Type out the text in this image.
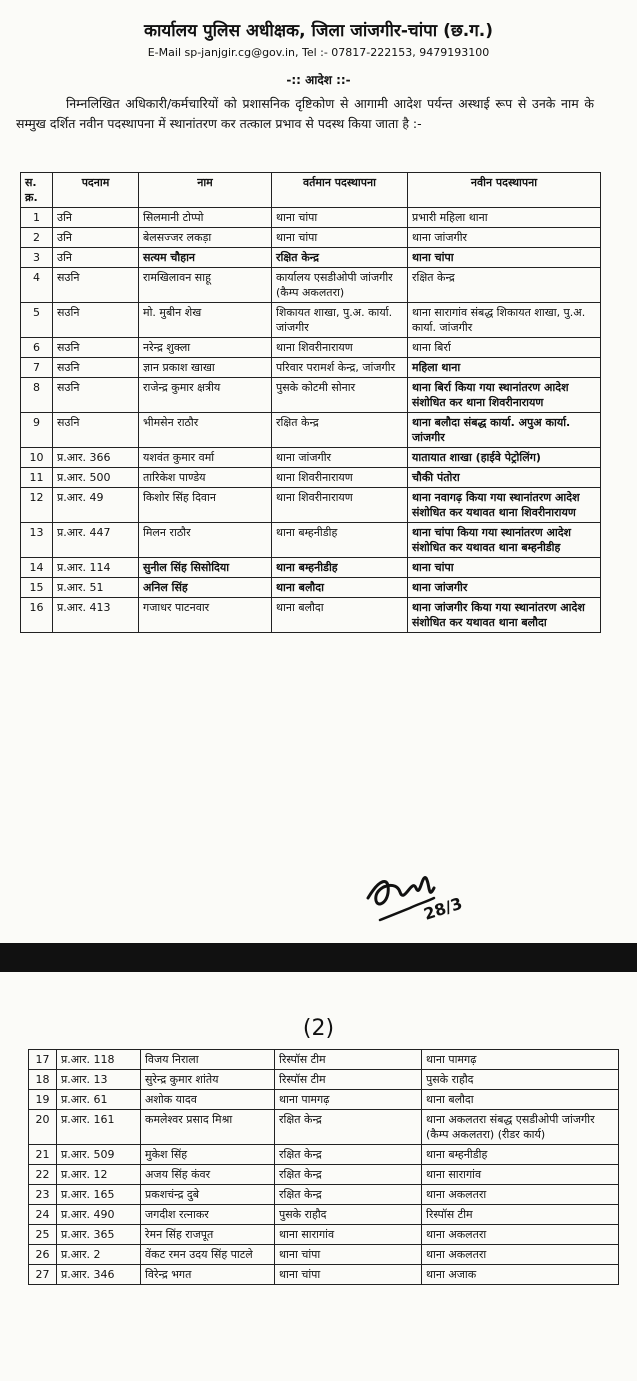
कार्यालय पुलिस अधीक्षक, जिला जांजगीर-चांपा (छ.ग.)
E-Mail sp-janjgir.cg@gov.in, Tel :- 07817-222153, 9479193100
-:: आदेश ::-
निम्नलिखित अधिकारी/कर्मचारियों को प्रशासनिक दृष्टिकोण से आगामी आदेश पर्यन्त अस्थाई रूप से उनके नाम के सम्मुख दर्शित नवीन पदस्थापना में स्थानांतरण कर तत्काल प्रभाव से पदस्थ किया जाता है :-
स. क्र.	पदनाम	नाम	वर्तमान पदस्थापना	नवीन पदस्थापना
1	उनि	सिलमानी टोप्पो	थाना चांपा	प्रभारी महिला थाना
2	उनि	बेलसज्जर लकड़ा	थाना चांपा	थाना जांजगीर
3	उनि	सत्यम चौहान	रक्षित केन्द्र	थाना चांपा
4	सउनि	रामखिलावन साहू	कार्यालय एसडीओपी जांजगीर (कैम्प अकलतरा)	रक्षित केन्द्र
5	सउनि	मो. मुबीन शेख	शिकायत शाखा, पु.अ. कार्या. जांजगीर	थाना सारागांव संबद्ध शिकायत शाखा, पु.अ. कार्या. जांजगीर
6	सउनि	नरेन्द्र शुक्ला	थाना शिवरीनारायण	थाना बिर्रा
7	सउनि	ज्ञान प्रकाश खाखा	परिवार परामर्श केन्द्र, जांजगीर	महिला थाना
8	सउनि	राजेन्द्र कुमार क्षत्रीय	पुसके कोटमी सोनार	थाना बिर्रा किया गया स्थानांतरण आदेश संशोधित कर थाना शिवरीनारायण
9	सउनि	भीमसेन राठौर	रक्षित केन्द्र	थाना बलौदा संबद्ध कार्या. अपुअ कार्या. जांजगीर
10	प्र.आर. 366	यशवंत कुमार वर्मा	थाना जांजगीर	यातायात शाखा (हाईवे पेट्रोलिंग)
11	प्र.आर. 500	तारिकेश पाण्डेय	थाना शिवरीनारायण	चौकी पंतोरा
12	प्र.आर. 49	किशोर सिंह दिवान	थाना शिवरीनारायण	थाना नवागढ़ किया गया स्थानांतरण आदेश संशोधित कर यथावत थाना शिवरीनारायण
13	प्र.आर. 447	मिलन राठौर	थाना बम्हनीडीह	थाना चांपा किया गया स्थानांतरण आदेश संशोधित कर यथावत थाना बम्हनीडीह
14	प्र.आर. 114	सुनील सिंह सिसोदिया	थाना बम्हनीडीह	थाना चांपा
15	प्र.आर. 51	अनिल सिंह	थाना बलौदा	थाना जांजगीर
16	प्र.आर. 413	गजाधर पाटनवार	थाना बलौदा	थाना जांजगीर किया गया स्थानांतरण आदेश संशोधित कर यथावत थाना बलौदा
28/3
(2)
17	प्र.आर. 118	विजय निराला	रिस्पॉस टीम	थाना पामगढ़
18	प्र.आर. 13	सुरेन्द्र कुमार शांतेय	रिस्पॉस टीम	पुसके राहौद
19	प्र.आर. 61	अशोक यादव	थाना पामगढ़	थाना बलौदा
20	प्र.आर. 161	कमलेश्वर प्रसाद मिश्रा	रक्षित केन्द्र	थाना अकलतरा संबद्ध एसडीओपी जांजगीर (कैम्प अकलतरा) (रीडर कार्य)
21	प्र.आर. 509	मुकेश सिंह	रक्षित केन्द्र	थाना बम्हनीडीह
22	प्र.आर. 12	अजय सिंह कंवर	रक्षित केन्द्र	थाना सारागांव
23	प्र.आर. 165	प्रकशचंन्द्र दुबे	रक्षित केन्द्र	थाना अकलतरा
24	प्र.आर. 490	जगदीश रत्नाकर	पुसके राहौद	रिस्पॉस टीम
25	प्र.आर. 365	रेमन सिंह राजपूत	थाना सारागांव	थाना अकलतरा
26	प्र.आर. 2	वेंकट रमन उदय सिंह पाटले	थाना चांपा	थाना अकलतरा
27	प्र.आर. 346	विरेन्द्र भगत	थाना चांपा	थाना अजाक
